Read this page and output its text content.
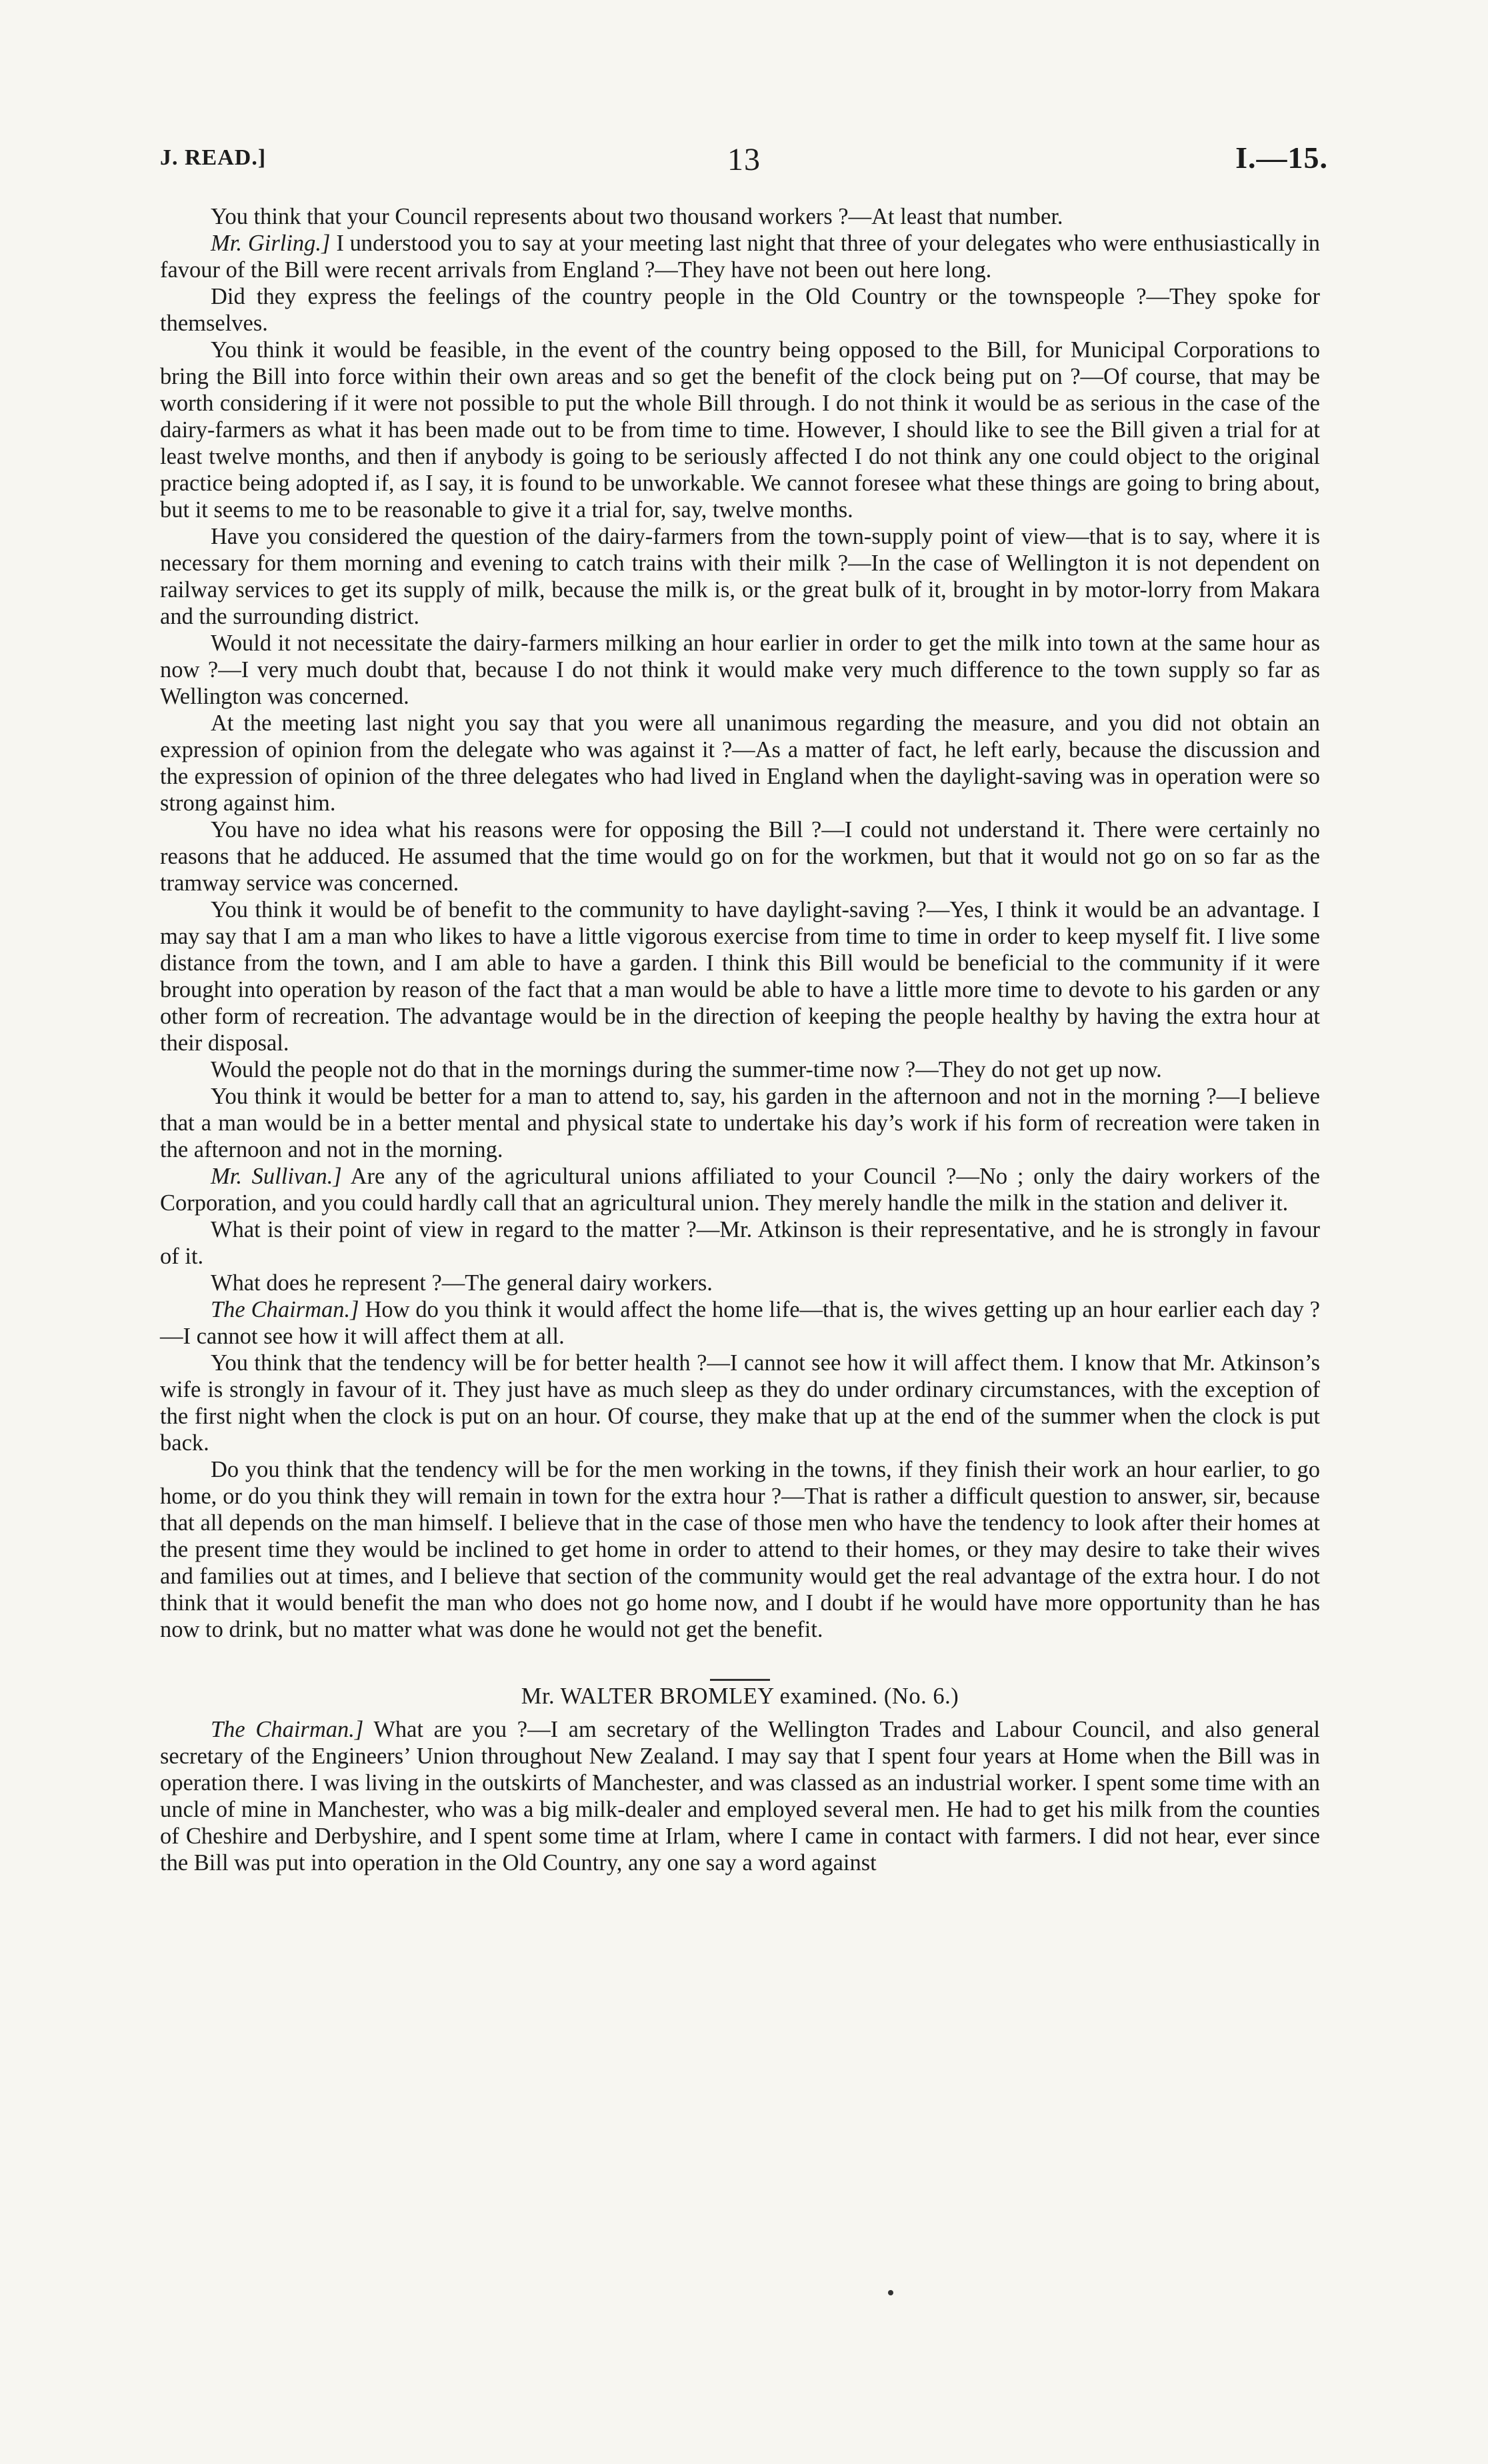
J. READ.]	13	I.—15.

You think that your Council represents about two thousand workers ?—At least that number.

Mr. Girling.] I understood you to say at your meeting last night that three of your delegates who were enthusiastically in favour of the Bill were recent arrivals from England ?—They have not been out here long.

Did they express the feelings of the country people in the Old Country or the townspeople ?—They spoke for themselves.

You think it would be feasible, in the event of the country being opposed to the Bill, for Municipal Corporations to bring the Bill into force within their own areas and so get the benefit of the clock being put on ?—Of course, that may be worth considering if it were not possible to put the whole Bill through. I do not think it would be as serious in the case of the dairy-farmers as what it has been made out to be from time to time. However, I should like to see the Bill given a trial for at least twelve months, and then if anybody is going to be seriously affected I do not think any one could object to the original practice being adopted if, as I say, it is found to be unworkable. We cannot foresee what these things are going to bring about, but it seems to me to be reasonable to give it a trial for, say, twelve months.

Have you considered the question of the dairy-farmers from the town-supply point of view—that is to say, where it is necessary for them morning and evening to catch trains with their milk ?—In the case of Wellington it is not dependent on railway services to get its supply of milk, because the milk is, or the great bulk of it, brought in by motor-lorry from Makara and the surrounding district.

Would it not necessitate the dairy-farmers milking an hour earlier in order to get the milk into town at the same hour as now ?—I very much doubt that, because I do not think it would make very much difference to the town supply so far as Wellington was concerned.

At the meeting last night you say that you were all unanimous regarding the measure, and you did not obtain an expression of opinion from the delegate who was against it ?—As a matter of fact, he left early, because the discussion and the expression of opinion of the three delegates who had lived in England when the daylight-saving was in operation were so strong against him.

You have no idea what his reasons were for opposing the Bill ?—I could not understand it. There were certainly no reasons that he adduced. He assumed that the time would go on for the workmen, but that it would not go on so far as the tramway service was concerned.

You think it would be of benefit to the community to have daylight-saving ?—Yes, I think it would be an advantage. I may say that I am a man who likes to have a little vigorous exercise from time to time in order to keep myself fit. I live some distance from the town, and I am able to have a garden. I think this Bill would be beneficial to the community if it were brought into operation by reason of the fact that a man would be able to have a little more time to devote to his garden or any other form of recreation. The advantage would be in the direction of keeping the people healthy by having the extra hour at their disposal.

Would the people not do that in the mornings during the summer-time now ?—They do not get up now.

You think it would be better for a man to attend to, say, his garden in the afternoon and not in the morning ?—I believe that a man would be in a better mental and physical state to undertake his day’s work if his form of recreation were taken in the afternoon and not in the morning.

Mr. Sullivan.] Are any of the agricultural unions affiliated to your Council ?—No ; only the dairy workers of the Corporation, and you could hardly call that an agricultural union. They merely handle the milk in the station and deliver it.

What is their point of view in regard to the matter ?—Mr. Atkinson is their representative, and he is strongly in favour of it.

What does he represent ?—The general dairy workers.

The Chairman.] How do you think it would affect the home life—that is, the wives getting up an hour earlier each day ?—I cannot see how it will affect them at all.

You think that the tendency will be for better health ?—I cannot see how it will affect them. I know that Mr. Atkinson’s wife is strongly in favour of it. They just have as much sleep as they do under ordinary circumstances, with the exception of the first night when the clock is put on an hour. Of course, they make that up at the end of the summer when the clock is put back.

Do you think that the tendency will be for the men working in the towns, if they finish their work an hour earlier, to go home, or do you think they will remain in town for the extra hour ?—That is rather a difficult question to answer, sir, because that all depends on the man himself. I believe that in the case of those men who have the tendency to look after their homes at the present time they would be inclined to get home in order to attend to their homes, or they may desire to take their wives and families out at times, and I believe that section of the community would get the real advantage of the extra hour. I do not think that it would benefit the man who does not go home now, and I doubt if he would have more opportunity than he has now to drink, but no matter what was done he would not get the benefit.

Mr. WALTER BROMLEY examined. (No. 6.)

The Chairman.] What are you ?—I am secretary of the Wellington Trades and Labour Council, and also general secretary of the Engineers’ Union throughout New Zealand. I may say that I spent four years at Home when the Bill was in operation there. I was living in the outskirts of Manchester, and was classed as an industrial worker. I spent some time with an uncle of mine in Manchester, who was a big milk-dealer and employed several men. He had to get his milk from the counties of Cheshire and Derbyshire, and I spent some time at Irlam, where I came in contact with farmers. I did not hear, ever since the Bill was put into operation in the Old Country, any one say a word against
